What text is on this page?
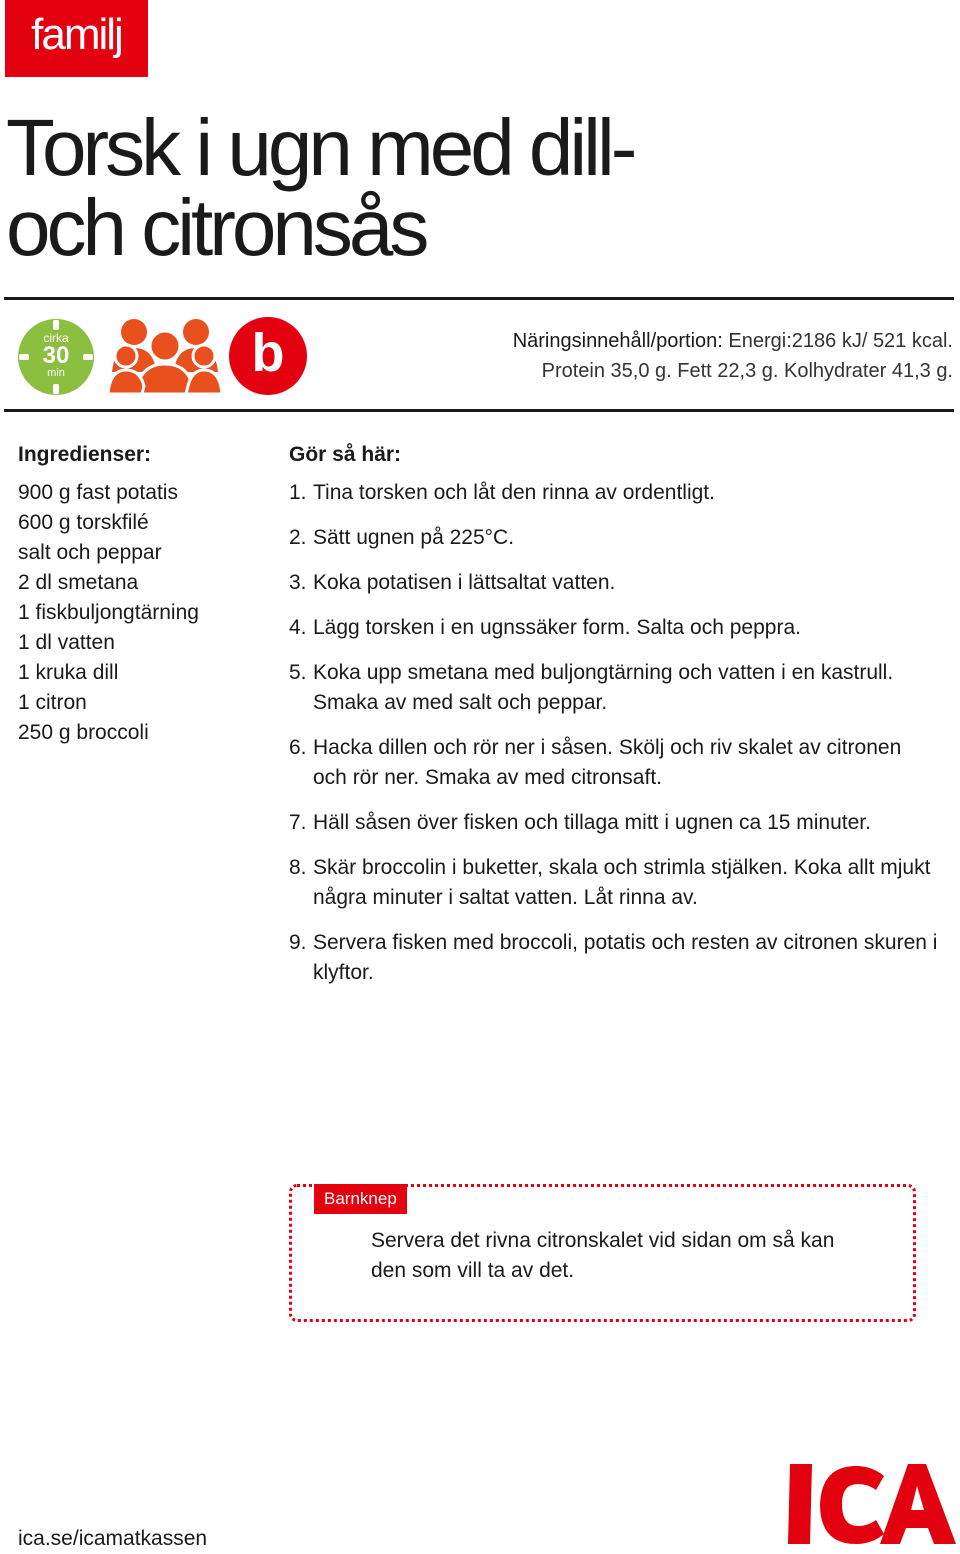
familj
Torsk i ugn med dill-
och citronsås
cirka
30
min	b	Näringsinnehåll/portion: Energi:2186 kJ/ 521 kcal.
Protein 35,0 g. Fett 22,3 g. Kolhydrater 41,3 g.
Ingredienser:
900 g fast potatis
600 g torskfilé
salt och peppar
2 dl smetana
1 fiskbuljongtärning
1 dl vatten
1 kruka dill
1 citron
250 g broccoli
Gör så här:
1. Tina torsken och låt den rinna av ordentligt.
2. Sätt ugnen på 225°C.
3. Koka potatisen i lättsaltat vatten.
4. Lägg torsken i en ugnssäker form. Salta och peppra.
5. Koka upp smetana med buljongtärning och vatten i en kastrull. Smaka av med salt och peppar.
6. Hacka dillen och rör ner i såsen. Skölj och riv skalet av citronen och rör ner. Smaka av med citronsaft.
7. Häll såsen över fisken och tillaga mitt i ugnen ca 15 minuter.
8. Skär broccolin i buketter, skala och strimla stjälken. Koka allt mjukt några minuter i saltat vatten. Låt rinna av.
9. Servera fisken med broccoli, potatis och resten av citronen skuren i klyftor.
Barnknep
Servera det rivna citronskalet vid sidan om så kan den som vill ta av det.
ica.se/icamatkassen
